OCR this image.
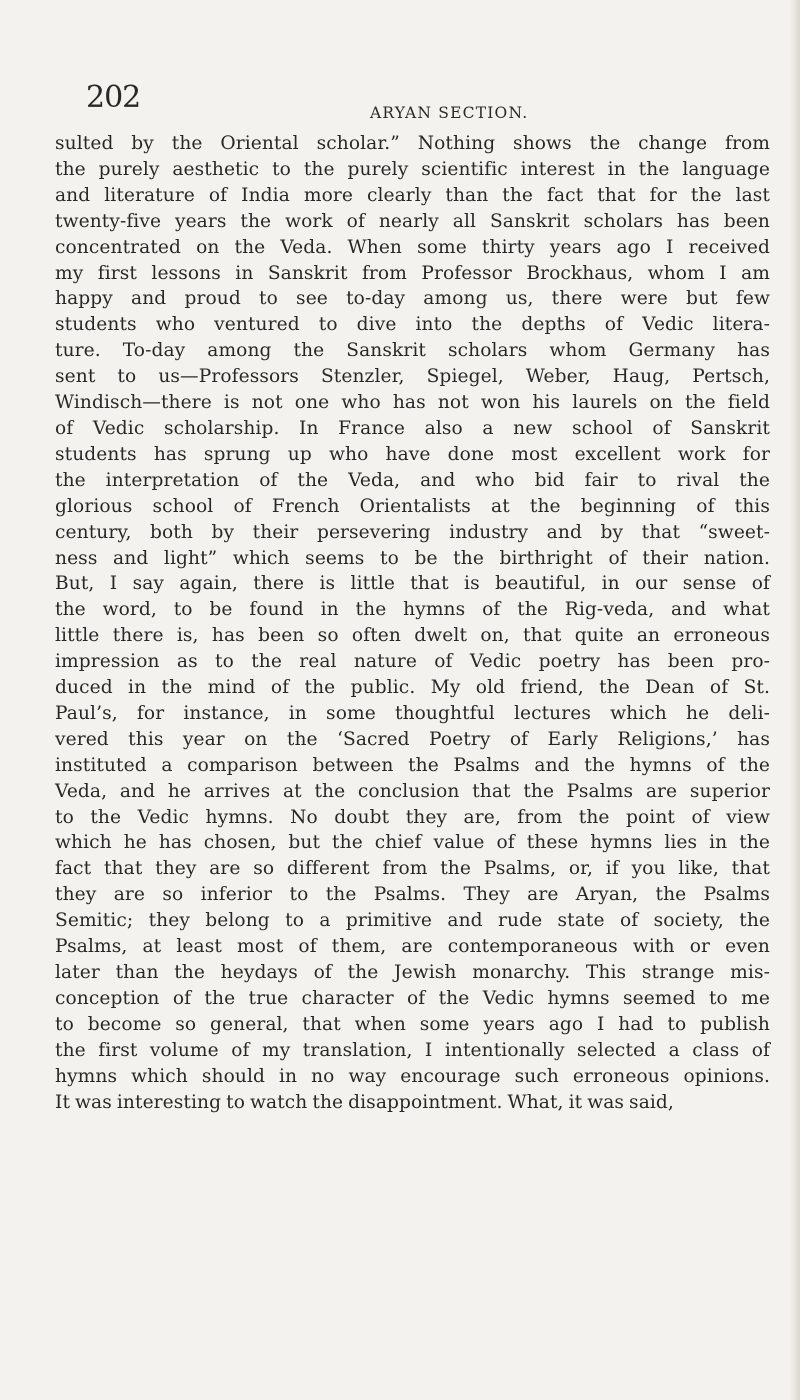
202	ARYAN SECTION.
sulted by the Oriental scholar.” Nothing shows the change from
the purely aesthetic to the purely scientific interest in the language
and literature of India more clearly than the fact that for the last
twenty-five years the work of nearly all Sanskrit scholars has been
concentrated on the Veda. When some thirty years ago I received
my first lessons in Sanskrit from Professor Brockhaus, whom I am
happy and proud to see to-day among us, there were but few
students who ventured to dive into the depths of Vedic litera-
ture. To-day among the Sanskrit scholars whom Germany has
sent to us—Professors Stenzler, Spiegel, Weber, Haug, Pertsch,
Windisch—there is not one who has not won his laurels on the field
of Vedic scholarship. In France also a new school of Sanskrit
students has sprung up who have done most excellent work for
the interpretation of the Veda, and who bid fair to rival the
glorious school of French Orientalists at the beginning of this
century, both by their persevering industry and by that “sweet-
ness and light” which seems to be the birthright of their nation.
But, I say again, there is little that is beautiful, in our sense of
the word, to be found in the hymns of the Rig-veda, and what
little there is, has been so often dwelt on, that quite an erroneous
impression as to the real nature of Vedic poetry has been pro-
duced in the mind of the public. My old friend, the Dean of St.
Paul’s, for instance, in some thoughtful lectures which he deli-
vered this year on the ‘Sacred Poetry of Early Religions,’ has
instituted a comparison between the Psalms and the hymns of the
Veda, and he arrives at the conclusion that the Psalms are superior
to the Vedic hymns. No doubt they are, from the point of view
which he has chosen, but the chief value of these hymns lies in the
fact that they are so different from the Psalms, or, if you like, that
they are so inferior to the Psalms. They are Aryan, the Psalms
Semitic; they belong to a primitive and rude state of society, the
Psalms, at least most of them, are contemporaneous with or even
later than the heydays of the Jewish monarchy. This strange mis-
conception of the true character of the Vedic hymns seemed to me
to become so general, that when some years ago I had to publish
the first volume of my translation, I intentionally selected a class of
hymns which should in no way encourage such erroneous opinions.
It was interesting to watch the disappointment. What, it was said,
